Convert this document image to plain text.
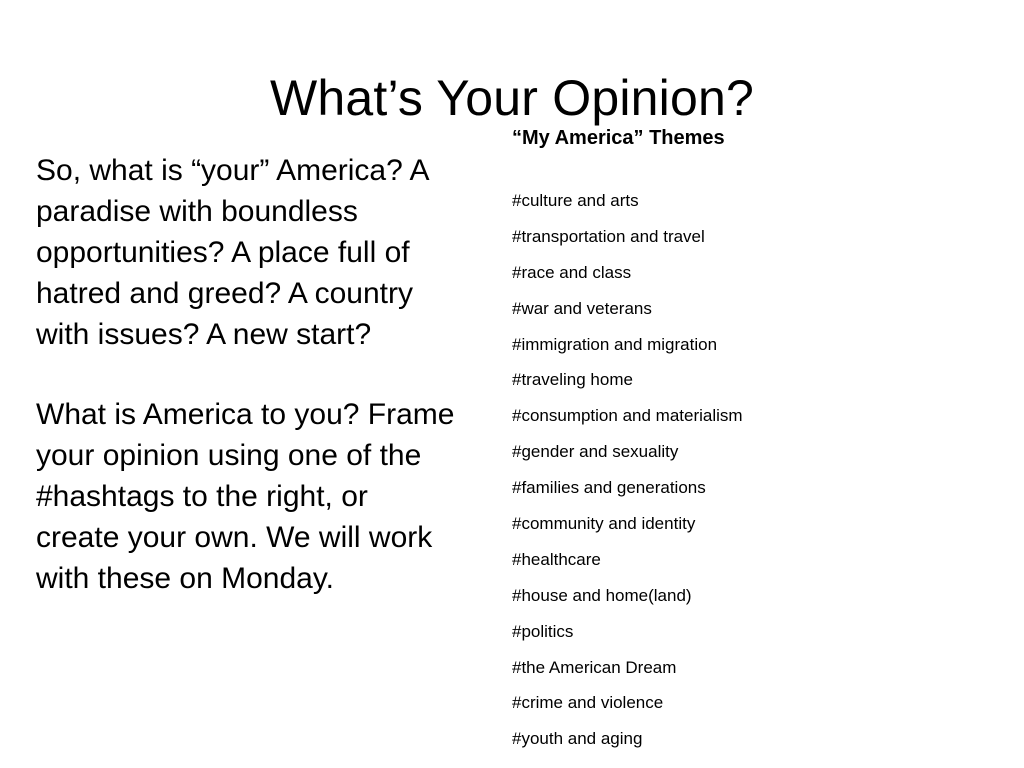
What’s Your Opinion?

So, what is “your” America? A paradise with boundless opportunities? A place full of hatred and greed? A country with issues? A new start?

What is America to you? Frame your opinion using one of the #hashtags to the right, or create your own. We will work with these on Monday.

“My America” Themes

#culture and arts
#transportation and travel
#race and class
#war and veterans
#immigration and migration
#traveling home
#consumption and materialism
#gender and sexuality
#families and generations
#community and identity
#healthcare
#house and home(land)
#politics
#the American Dream
#crime and violence
#youth and aging
